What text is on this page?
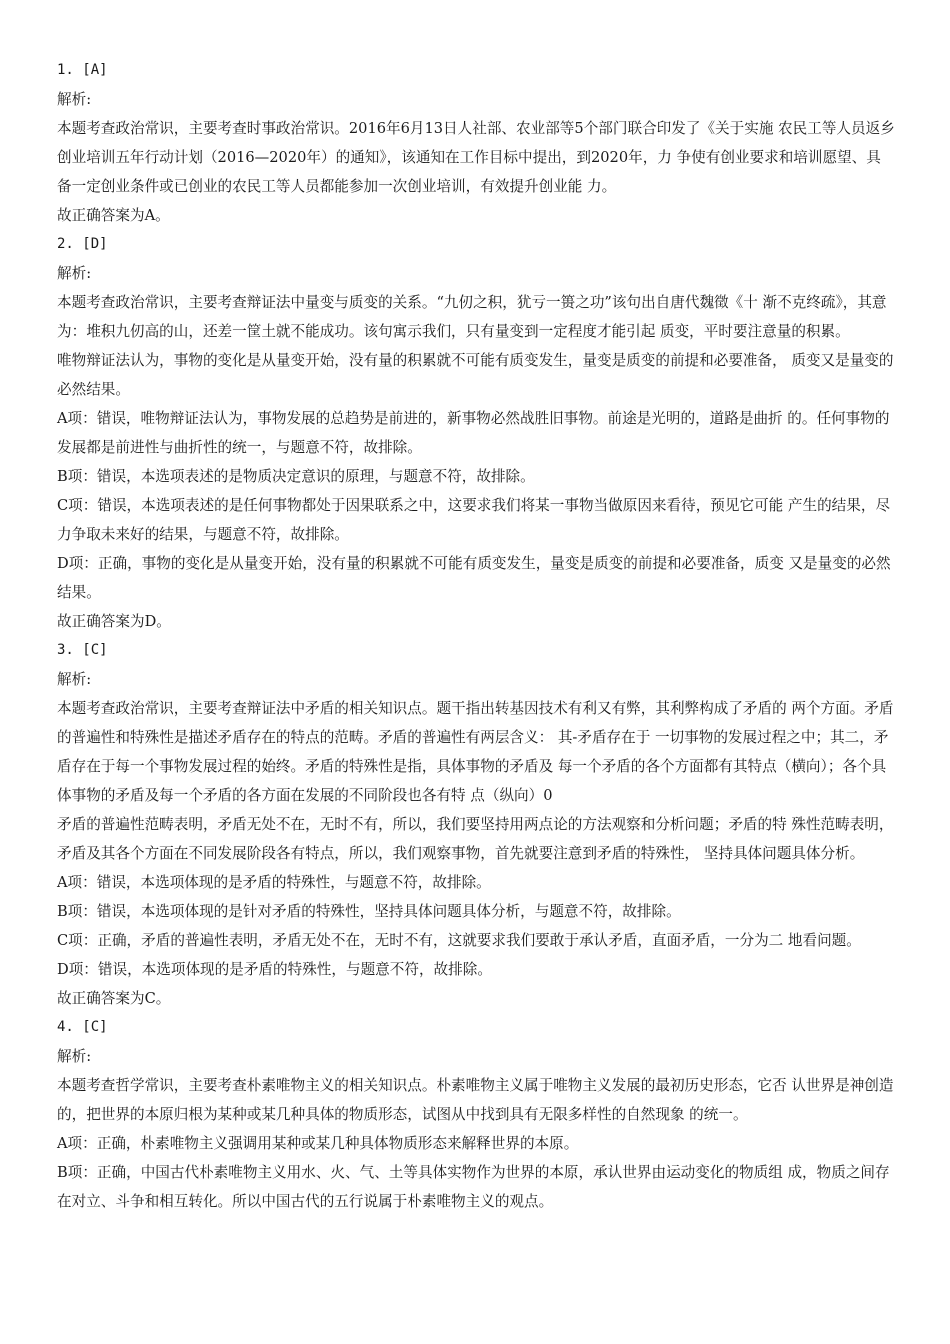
1. [A]

解析:

本题考查政治常识，主要考查时事政治常识。2016年6月13日人社部、农业部等5个部门联合印发了《关于实施 农民工等人员返乡创业培训五年行动计划（2016—2020年）的通知》，该通知在工作目标中提出，到2020年，力 争使有创业要求和培训愿望、具备一定创业条件或已创业的农民工等人员都能参加一次创业培训，有效提升创业能 力。

故正确答案为A。

2. [D]

解析:

本题考查政治常识，主要考查辩证法中量变与质变的关系。“九仞之积，犹亏一篑之功”该句出自唐代魏徵《十 渐不克终疏》，其意为：堆积九仞高的山，还差一筐土就不能成功。该句寓示我们，只有量变到一定程度才能引起 质变，平时要注意量的积累。

唯物辩证法认为，事物的变化是从量变开始，没有量的积累就不可能有质变发生，量变是质变的前提和必要准备， 质变又是量变的必然结果。

A项：错误，唯物辩证法认为，事物发展的总趋势是前进的，新事物必然战胜旧事物。前途是光明的，道路是曲折 的。任何事物的发展都是前进性与曲折性的统一，与题意不符，故排除。

B项：错误，本选项表述的是物质决定意识的原理，与题意不符，故排除。

C项：错误，本选项表述的是任何事物都处于因果联系之中，这要求我们将某一事物当做原因来看待，预见它可能 产生的结果，尽力争取未来好的结果，与题意不符，故排除。

D项：正确，事物的变化是从量变开始，没有量的积累就不可能有质变发生，量变是质变的前提和必要准备，质变 又是量变的必然结果。

故正确答案为D。

3. [C]

解析:

本题考查政治常识，主要考查辩证法中矛盾的相关知识点。题干指出转基因技术有利又有弊，其利弊构成了矛盾的 两个方面。矛盾的普遍性和特殊性是描述矛盾存在的特点的范畴。矛盾的普遍性有两层含义： 其-矛盾存在于 一切事物的发展过程之中；其二，矛盾存在于每一个事物发展过程的始终。矛盾的特殊性是指，具体事物的矛盾及 每一个矛盾的各个方面都有其特点（横向）；各个具体事物的矛盾及每一个矛盾的各方面在发展的不同阶段也各有特 点（纵向）0

矛盾的普遍性范畴表明，矛盾无处不在，无时不有，所以，我们要坚持用两点论的方法观察和分析问题；矛盾的特 殊性范畴表明，矛盾及其各个方面在不同发展阶段各有特点，所以，我们观察事物，首先就要注意到矛盾的特殊性， 坚持具体问题具体分析。

A项：错误，本选项体现的是矛盾的特殊性，与题意不符，故排除。

B项：错误，本选项体现的是针对矛盾的特殊性，坚持具体问题具体分析，与题意不符，故排除。

C项：正确，矛盾的普遍性表明，矛盾无处不在，无时不有，这就要求我们要敢于承认矛盾，直面矛盾，一分为二 地看问题。

D项：错误，本选项体现的是矛盾的特殊性，与题意不符，故排除。

故正确答案为C。

4. [C]

解析:

本题考查哲学常识，主要考查朴素唯物主义的相关知识点。朴素唯物主义属于唯物主义发展的最初历史形态，它否 认世界是神创造的，把世界的本原归根为某种或某几种具体的物质形态，试图从中找到具有无限多样性的自然现象 的统一。

A项：正确，朴素唯物主义强调用某种或某几种具体物质形态来解释世界的本原。

B项：正确，中国古代朴素唯物主义用水、火、气、土等具体实物作为世界的本原，承认世界由运动变化的物质组 成，物质之间存在对立、斗争和相互转化。所以中国古代的五行说属于朴素唯物主义的观点。
